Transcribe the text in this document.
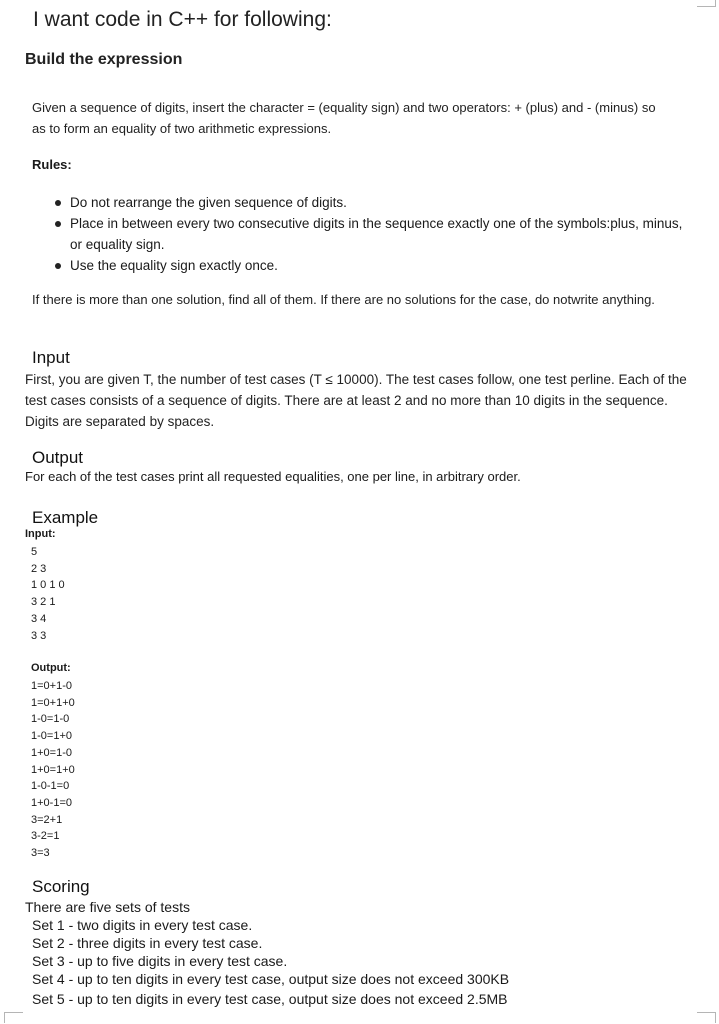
I want code in C++ for following:
Build the expression
Given a sequence of digits, insert the character = (equality sign) and two operators: + (plus) and - (minus) so as to form an equality of two arithmetic expressions.
Rules:
Do not rearrange the given sequence of digits.
Place in between every two consecutive digits in the sequence exactly one of the symbols:plus, minus, or equality sign.
Use the equality sign exactly once.
If there is more than one solution, find all of them. If there are no solutions for the case, do notwrite anything.
Input
First, you are given T, the number of test cases (T ≤ 10000). The test cases follow, one test perline. Each of the test cases consists of a sequence of digits. There are at least 2 and no more than 10 digits in the sequence. Digits are separated by spaces.
Output
For each of the test cases print all requested equalities, one per line, in arbitrary order.
Example
Input:
5
2 3
1 0 1 0
3 2 1
3 4
3 3
Output:
1=0+1-0
1=0+1+0
1-0=1-0
1-0=1+0
1+0=1-0
1+0=1+0
1-0-1=0
1+0-1=0
3=2+1
3-2=1
3=3
Scoring
There are five sets of tests
Set 1 - two digits in every test case.
Set 2 - three digits in every test case.
Set 3 - up to five digits in every test case.
Set 4 - up to ten digits in every test case, output size does not exceed 300KB
Set 5 - up to ten digits in every test case, output size does not exceed 2.5MB
